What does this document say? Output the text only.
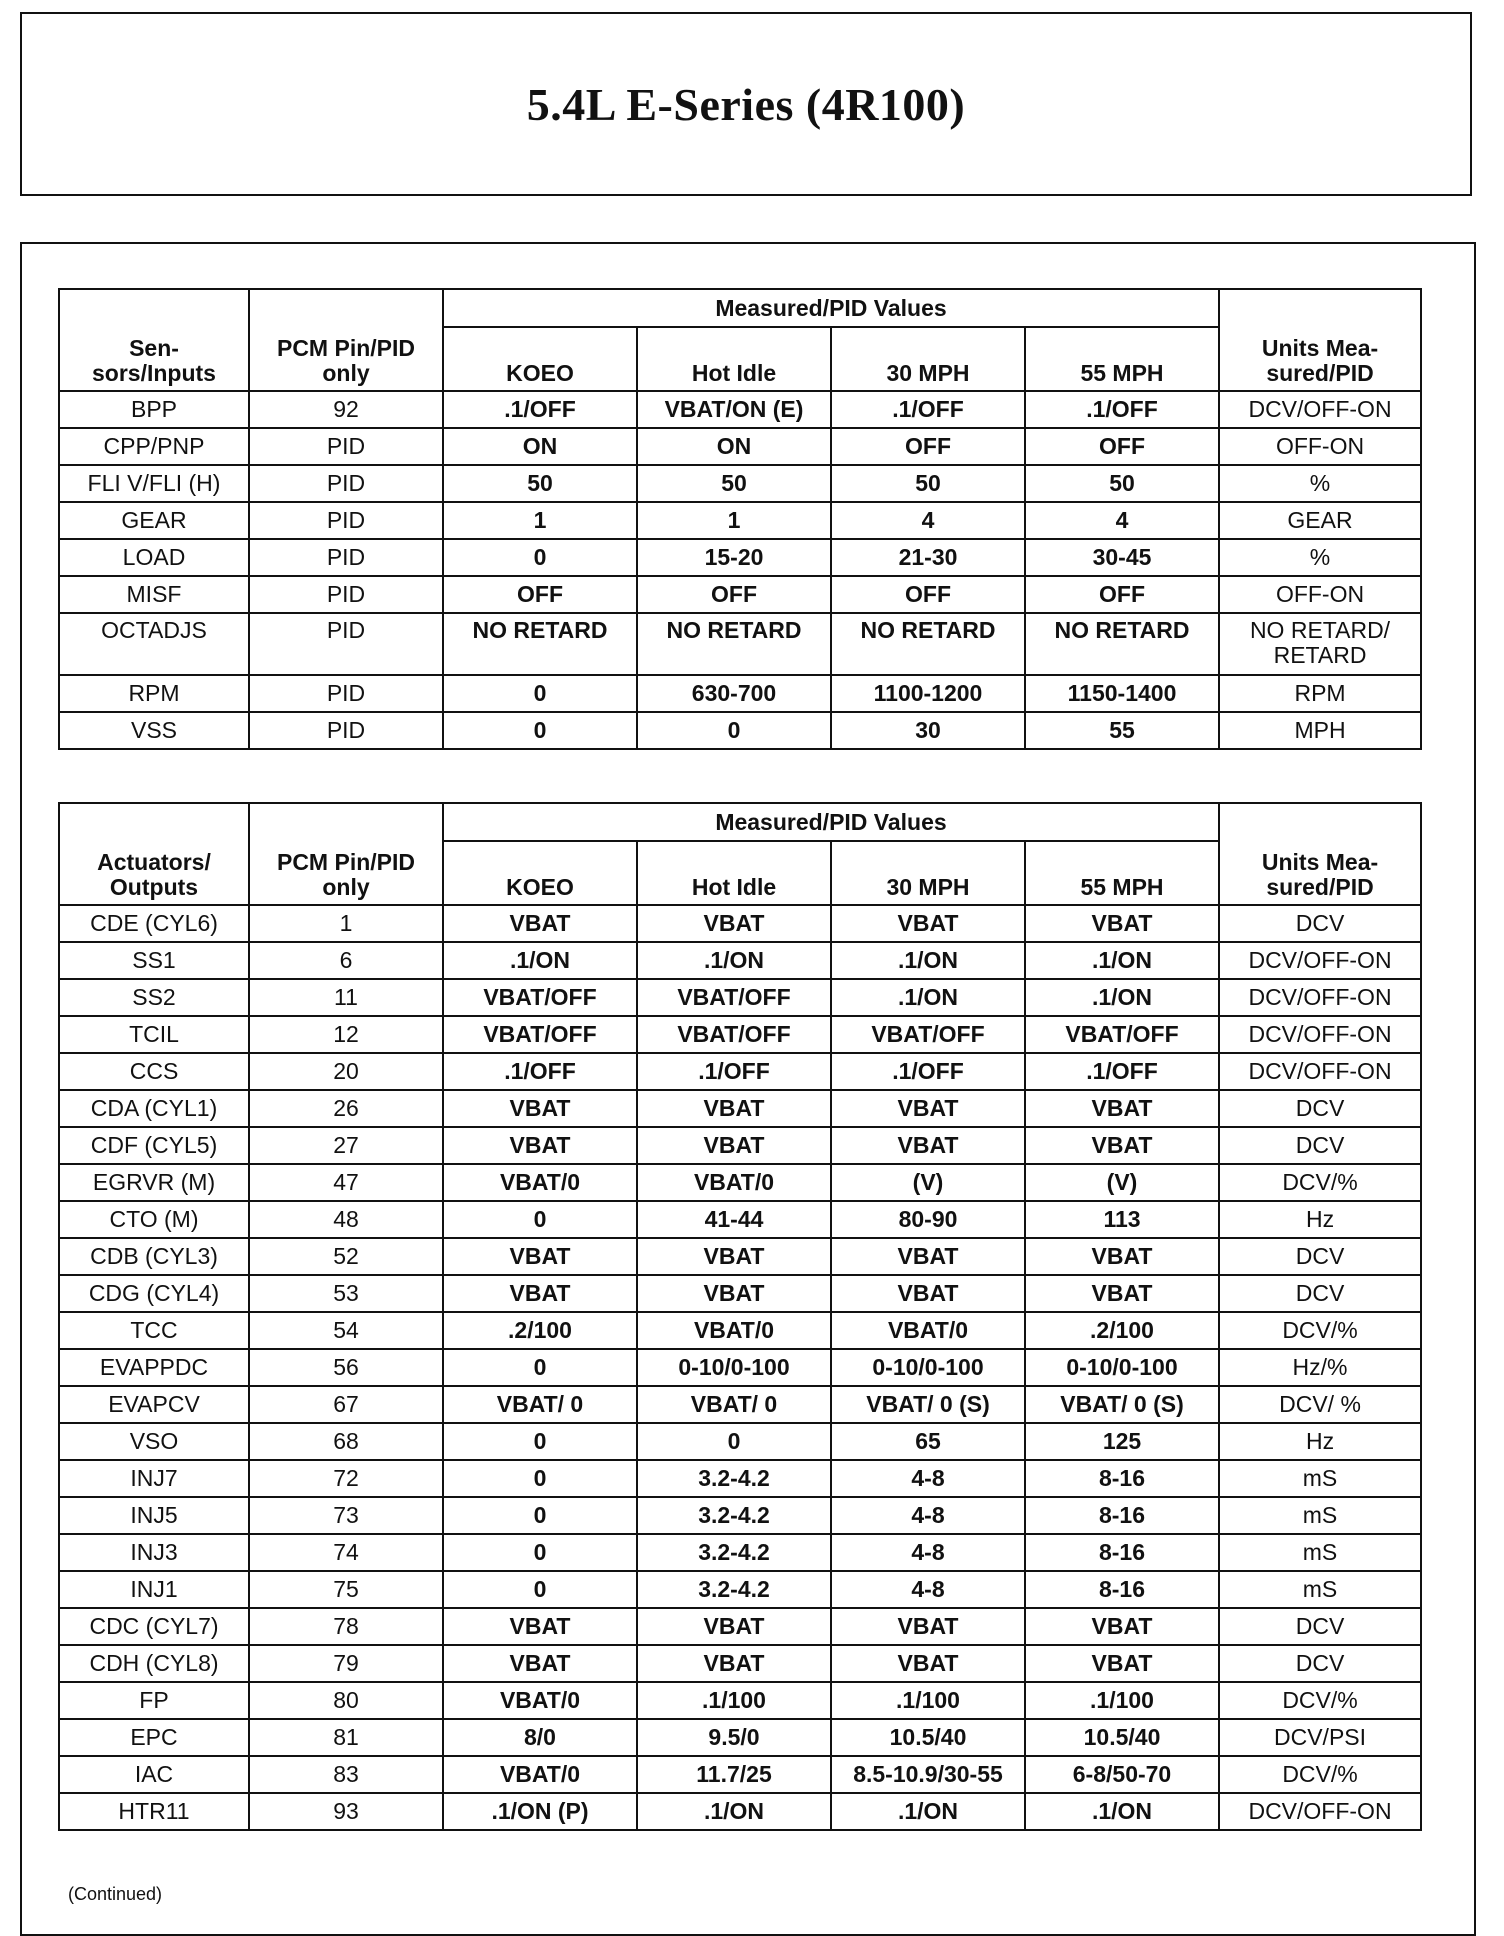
5.4L E-Series (4R100)
Sen-
sors/Inputs	PCM Pin/PID
only	Measured/PID Values				Units Mea-
sured/PID
		KOEO	Hot Idle	30 MPH	55 MPH	
BPP	92	.1/OFF	VBAT/ON (E)	.1/OFF	.1/OFF	DCV/OFF-ON
CPP/PNP	PID	ON	ON	OFF	OFF	OFF-ON
FLI V/FLI (H)	PID	50	50	50	50	%
GEAR	PID	1	1	4	4	GEAR
LOAD	PID	0	15-20	21-30	30-45	%
MISF	PID	OFF	OFF	OFF	OFF	OFF-ON
OCTADJS	PID	NO RETARD	NO RETARD	NO RETARD	NO RETARD	NO RETARD/
RETARD
RPM	PID	0	630-700	1100-1200	1150-1400	RPM
VSS	PID	0	0	30	55	MPH
Actuators/
Outputs	PCM Pin/PID
only	Measured/PID Values				Units Mea-
sured/PID
		KOEO	Hot Idle	30 MPH	55 MPH	
CDE (CYL6)	1	VBAT	VBAT	VBAT	VBAT	DCV
SS1	6	.1/ON	.1/ON	.1/ON	.1/ON	DCV/OFF-ON
SS2	11	VBAT/OFF	VBAT/OFF	.1/ON	.1/ON	DCV/OFF-ON
TCIL	12	VBAT/OFF	VBAT/OFF	VBAT/OFF	VBAT/OFF	DCV/OFF-ON
CCS	20	.1/OFF	.1/OFF	.1/OFF	.1/OFF	DCV/OFF-ON
CDA (CYL1)	26	VBAT	VBAT	VBAT	VBAT	DCV
CDF (CYL5)	27	VBAT	VBAT	VBAT	VBAT	DCV
EGRVR (M)	47	VBAT/0	VBAT/0	(V)	(V)	DCV/%
CTO (M)	48	0	41-44	80-90	113	Hz
CDB (CYL3)	52	VBAT	VBAT	VBAT	VBAT	DCV
CDG (CYL4)	53	VBAT	VBAT	VBAT	VBAT	DCV
TCC	54	.2/100	VBAT/0	VBAT/0	.2/100	DCV/%
EVAPPDC	56	0	0-10/0-100	0-10/0-100	0-10/0-100	Hz/%
EVAPCV	67	VBAT/ 0	VBAT/ 0	VBAT/ 0 (S)	VBAT/ 0 (S)	DCV/ %
VSO	68	0	0	65	125	Hz
INJ7	72	0	3.2-4.2	4-8	8-16	mS
INJ5	73	0	3.2-4.2	4-8	8-16	mS
INJ3	74	0	3.2-4.2	4-8	8-16	mS
INJ1	75	0	3.2-4.2	4-8	8-16	mS
CDC (CYL7)	78	VBAT	VBAT	VBAT	VBAT	DCV
CDH (CYL8)	79	VBAT	VBAT	VBAT	VBAT	DCV
FP	80	VBAT/0	.1/100	.1/100	.1/100	DCV/%
EPC	81	8/0	9.5/0	10.5/40	10.5/40	DCV/PSI
IAC	83	VBAT/0	11.7/25	8.5-10.9/30-55	6-8/50-70	DCV/%
HTR11	93	.1/ON (P)	.1/ON	.1/ON	.1/ON	DCV/OFF-ON
(Continued)
